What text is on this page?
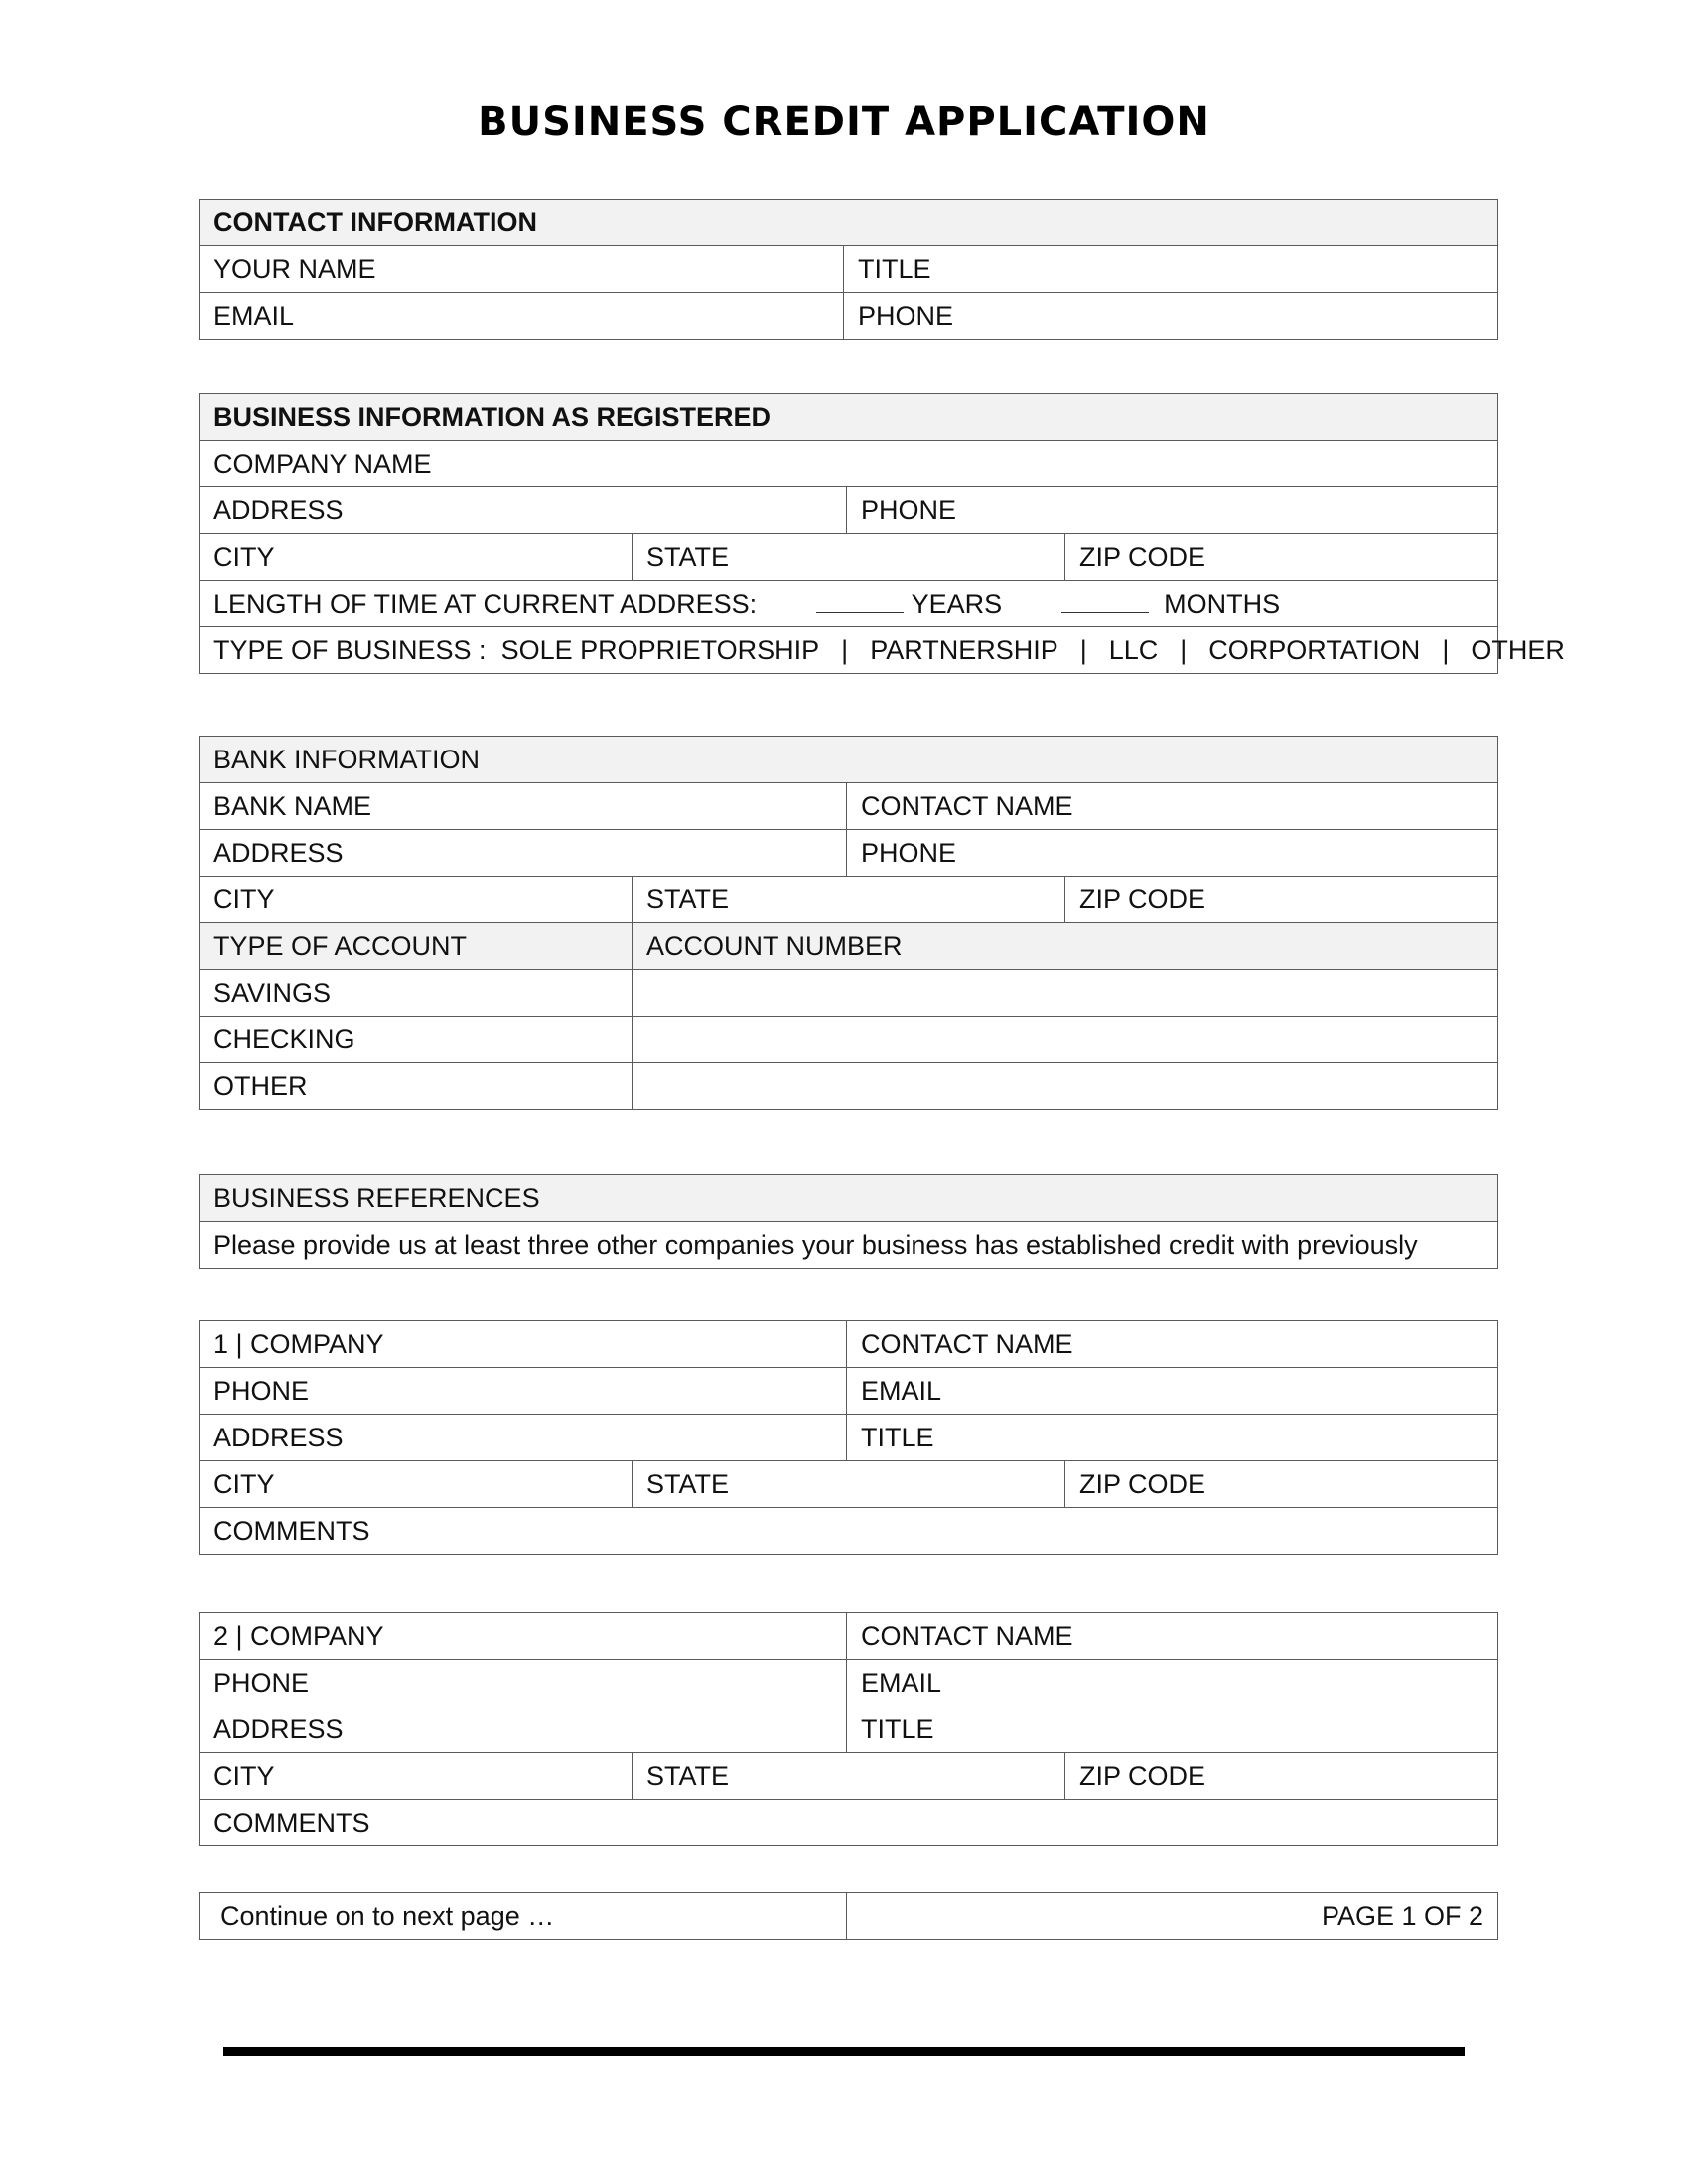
BUSINESS CREDIT APPLICATION
CONTACT INFORMATION	
YOUR NAME	TITLE
EMAIL	PHONE
BUSINESS INFORMATION AS REGISTERED			
COMPANY NAME			
ADDRESS		PHONE	
CITY	STATE		ZIP CODE
LENGTH OF TIME AT CURRENT ADDRESS: YEARS MONTHS			
TYPE OF BUSINESS : SOLE PROPRIETORSHIP | PARTNERSHIP | LLC | CORPORTATION | OTHER			
BANK INFORMATION			
BANK NAME		CONTACT NAME	
ADDRESS		PHONE	
CITY	STATE		ZIP CODE
TYPE OF ACCOUNT	ACCOUNT NUMBER		
SAVINGS			
CHECKING			
OTHER			
BUSINESS REFERENCES
Please provide us at least three other companies your business has established credit with previously
1 | COMPANY		CONTACT NAME	
PHONE		EMAIL	
ADDRESS		TITLE	
CITY	STATE		ZIP CODE
COMMENTS			
2 | COMPANY		CONTACT NAME	
PHONE		EMAIL	
ADDRESS		TITLE	
CITY	STATE		ZIP CODE
COMMENTS			
Continue on to next page …	PAGE 1 OF 2
